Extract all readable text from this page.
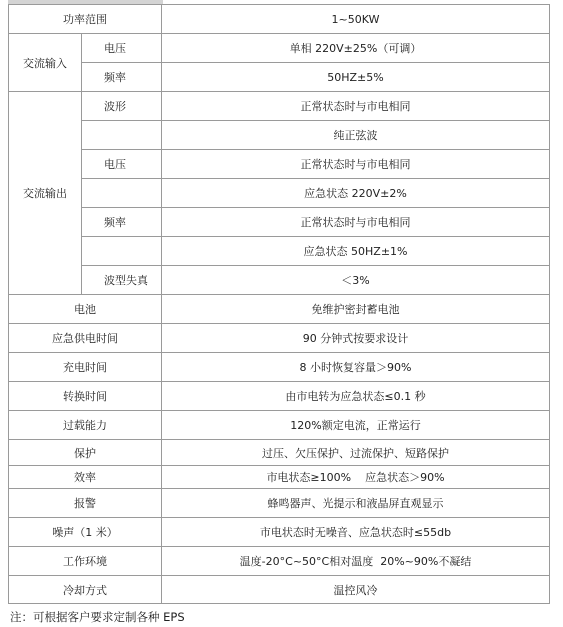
功率范围		1~50KW
交流输入	电压	单相 220V±25%（可调）
	频率	50HZ±5%
交流输出	波形	正常状态时与市电相同
		纯正弦波
	电压	正常状态时与市电相同
		应急状态 220V±2%
	频率	正常状态时与市电相同
		应急状态 50HZ±1%
	波型失真	＜3%
电池		免维护密封蓄电池
应急供电时间		90 分钟式按要求设计
充电时间		8 小时恢复容量＞90%
转换时间		由市电转为应急状态≤0.1 秒
过载能力		120%额定电流，正常运行
保护		过压、欠压保护、过流保护、短路保护
效率		市电状态≥100%    应急状态＞90%
报警		蜂鸣器声、光提示和液晶屏直观显示
噪声（1 米）		市电状态时无噪音、应急状态时≤55db
工作环境		温度-20°C~50°C相对温度  20%~90%不凝结
冷却方式		温控风冷
注：可根据客户要求定制各种 EPS
